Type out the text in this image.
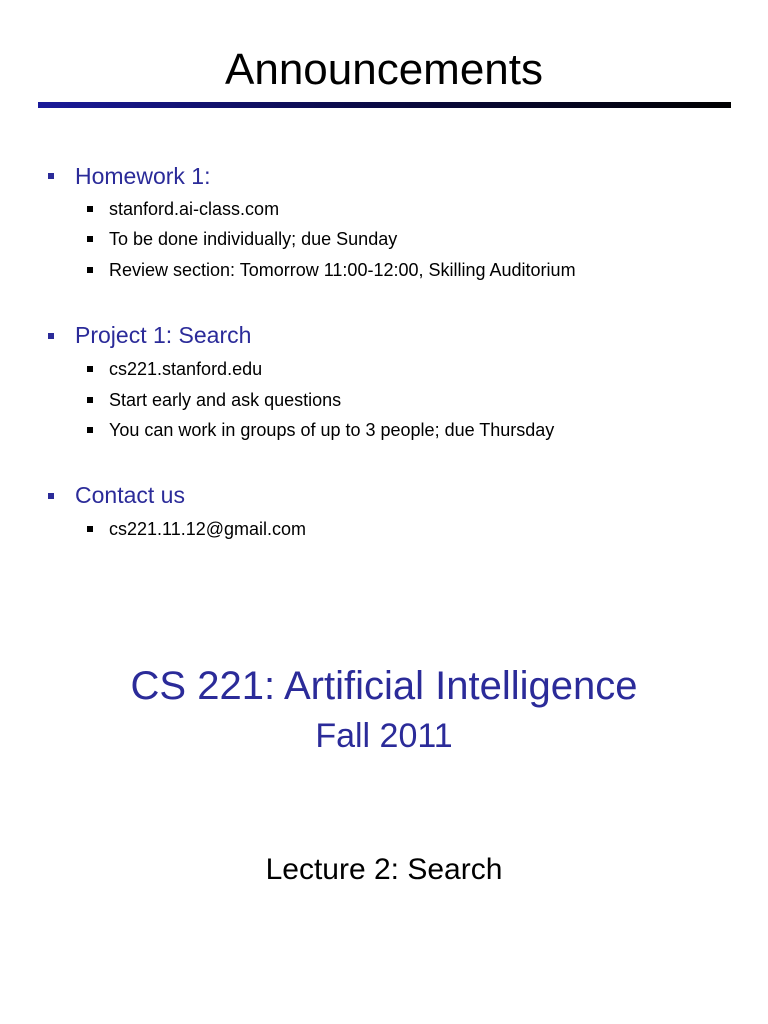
Announcements
Homework 1:
stanford.ai-class.com
To be done individually; due Sunday
Review section: Tomorrow 11:00-12:00, Skilling Auditorium
Project 1: Search
cs221.stanford.edu
Start early and ask questions
You can work in groups of up to 3 people; due Thursday
Contact us
cs221.11.12@gmail.com
CS 221: Artificial Intelligence
Fall 2011
Lecture 2: Search
